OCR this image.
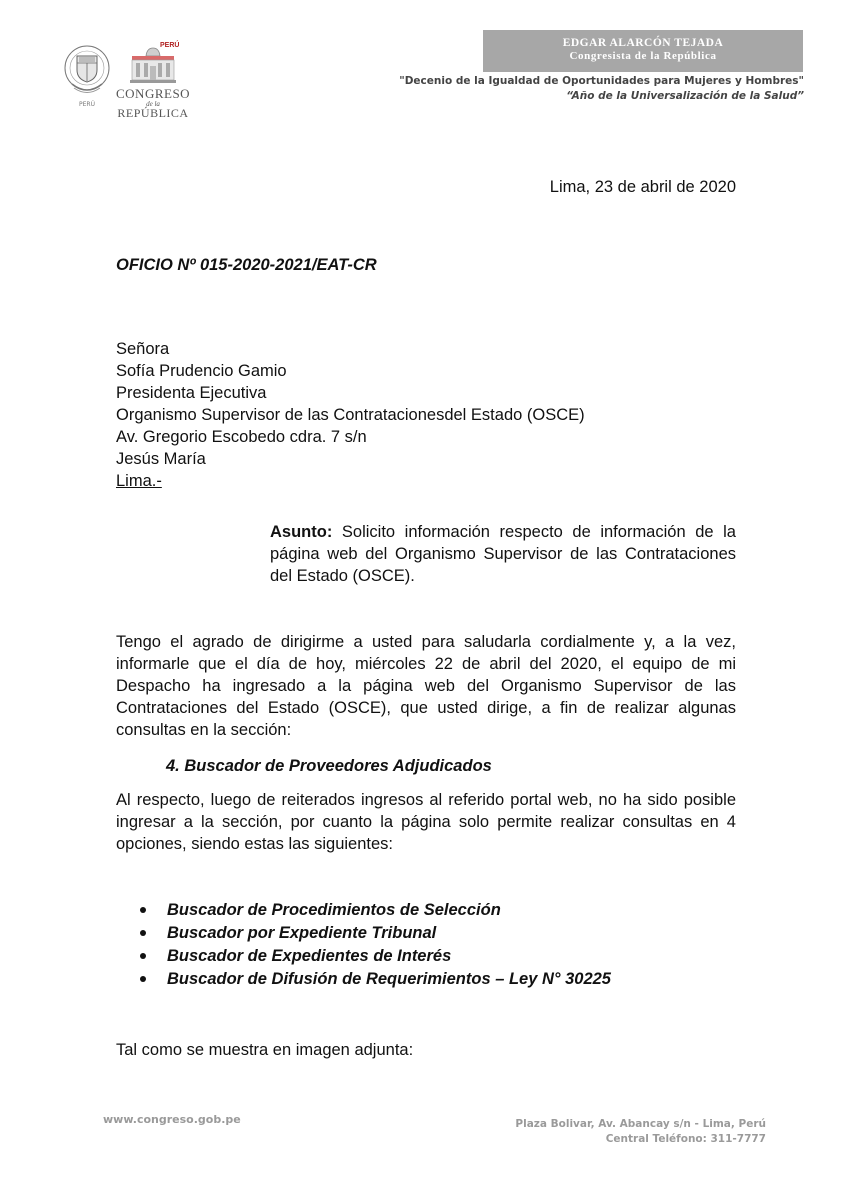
PERÚ
PERÚ
CONGRESO
de la
REPÚBLICA
EDGAR ALARCÓN TEJADA
Congresista de la República
"Decenio de la Igualdad de Oportunidades para Mujeres y Hombres"
“Año de la Universalización de la Salud”
Lima, 23 de abril de 2020
OFICIO Nº 015-2020-2021/EAT-CR
Señora
Sofía Prudencio Gamio
Presidenta Ejecutiva
Organismo Supervisor de las Contratacionesdel Estado (OSCE)
Av. Gregorio Escobedo cdra. 7 s/n
Jesús María
Lima.-
Asunto: Solicito información respecto de información de la página web del Organismo Supervisor de las Contrataciones del Estado (OSCE).
Tengo el agrado de dirigirme a usted para saludarla cordialmente y, a la vez, informarle que el día de hoy, miércoles 22 de abril del 2020, el equipo de mi Despacho ha ingresado a la página web del Organismo Supervisor de las Contrataciones del Estado (OSCE), que usted dirige, a fin de realizar algunas consultas en la sección:
4. Buscador de Proveedores Adjudicados
Al respecto, luego de reiterados ingresos al referido portal web, no ha sido posible ingresar a la sección, por cuanto la página solo permite realizar consultas en 4 opciones, siendo estas las siguientes:
Buscador de Procedimientos de Selección
Buscador por Expediente Tribunal
Buscador de Expedientes de Interés
Buscador de Difusión de Requerimientos – Ley N° 30225
Tal como se muestra en imagen adjunta:
www.congreso.gob.pe	Plaza Bolivar, Av. Abancay s/n - Lima, Perú
Central Teléfono: 311-7777
